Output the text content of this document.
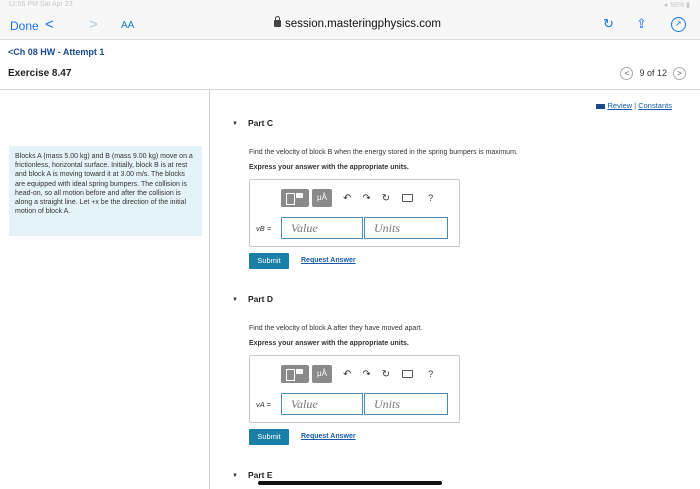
12:56 PM Sat Apr 23	● 96% ▮
Done < > AA	session.masteringphysics.com	↻ ⇪	➚
<Ch 08 HW - Attempt 1
Exercise 8.47	<	9 of 12	>
Blocks A (mass 5.00 kg) and B (mass 9.00 kg) move on a frictionless, horizontal surface. Initially, block B is at rest and block A is moving toward it at 3.00 m/s. The blocks are equipped with ideal spring bumpers. The collision is head-on, so all motion before and after the collision is along a straight line. Let +x be the direction of the initial motion of block A.
Review | Constants
▼ Part C
Find the velocity of block B when the energy stored in the spring bumpers is maximum.
Express your answer with the appropriate units.
μÅ	↶ ↷ ↻	?
vB =	Value	Units
Submit	Request Answer
▼ Part D
Find the velocity of block A after they have moved apart.
Express your answer with the appropriate units.
μÅ	↶ ↷ ↻	?
vA =	Value	Units
Submit	Request Answer
▼ Part E
